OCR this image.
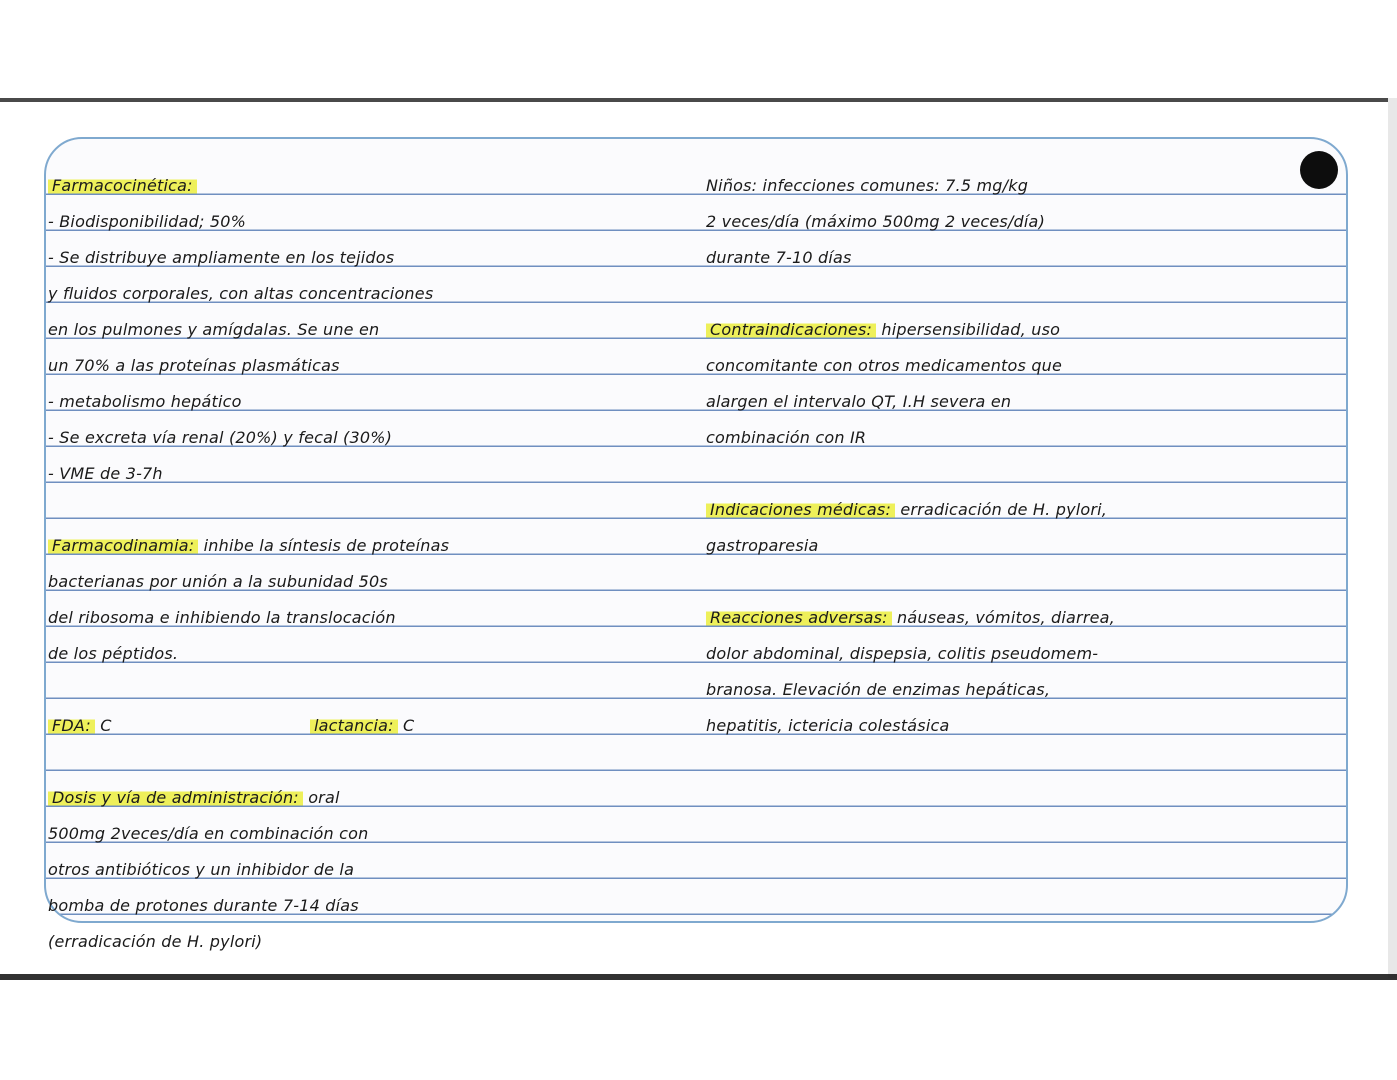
Farmacocinética:
- Biodisponibilidad; 50%
- Se distribuye ampliamente en los tejidos
y fluidos corporales, con altas concentraciones
en los pulmones y amígdalas. Se une en
un 70% a las proteínas plasmáticas
- metabolismo hepático
- Se excreta vía renal (20%) y fecal (30%)
- VME de 3-7h
Farmacodinamia: inhibe la síntesis de proteínas
bacterianas por unión a la subunidad 50s
del ribosoma e inhibiendo la translocación
de los péptidos.
FDA: C	lactancia: C
Dosis y vía de administración: oral
500mg 2veces/día en combinación con
otros antibióticos y un inhibidor de la
bomba de protones durante 7-14 días
(erradicación de H. pylori)
Niños: infecciones comunes: 7.5 mg/kg
2 veces/día (máximo 500mg 2 veces/día)
durante 7-10 días
Contraindicaciones: hipersensibilidad, uso
concomitante con otros medicamentos que
alargen el intervalo QT, I.H severa en
combinación con IR
Indicaciones médicas: erradicación de H. pylori,
gastroparesia
Reacciones adversas: náuseas, vómitos, diarrea,
dolor abdominal, dispepsia, colitis pseudomem-
branosa. Elevación de enzimas hepáticas,
hepatitis, ictericia colestásica
